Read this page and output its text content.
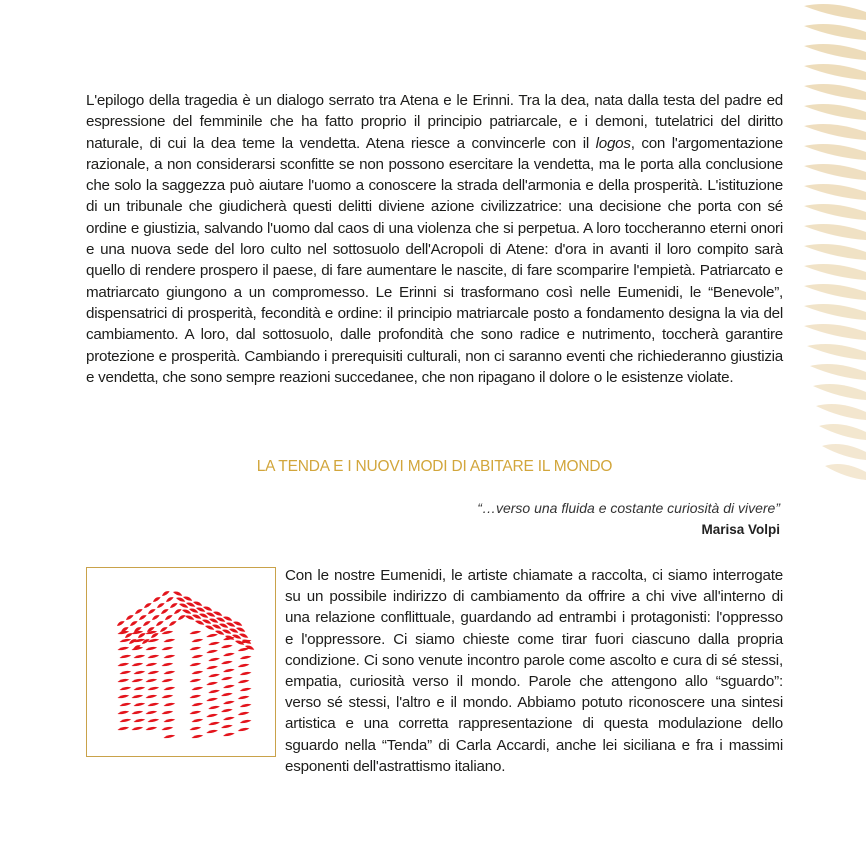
L'epilogo della tragedia è un dialogo serrato tra Atena e le Erinni. Tra la dea, nata dalla testa del padre ed espressione del femminile che ha fatto proprio il principio patriarcale, e i demoni, tutelatrici del diritto naturale, di cui la dea teme la vendetta. Atena riesce a convincerle con il logos, con l'argomentazione razionale, a non considerarsi sconfitte se non possono esercitare la vendetta, ma le porta alla conclusione che solo la saggezza può aiutare l'uomo a conoscere la strada dell'armonia e della prosperità. L'istituzione di un tribunale che giudicherà questi delitti diviene azione civilizzatrice: una decisione che porta con sé ordine e giustizia, salvando l'uomo dal caos di una violenza che si perpetua. A loro toccheranno eterni onori e una nuova sede del loro culto nel sottosuolo dell'Acropoli di Atene: d'ora in avanti il loro compito sarà quello di rendere prospero il paese, di fare aumentare le nascite, di fare scomparire l'empietà. Patriarcato e matriarcato giungono a un compromesso. Le Erinni si trasformano così nelle Eumenidi, le “Benevole”, dispensatrici di prosperità, fecondità e ordine: il principio matriarcale posto a fondamento designa la via del cambiamento. A loro, dal sottosuolo, dalle profondità che sono radice e nutrimento, toccherà garantire protezione e prosperità. Cambiando i prerequisiti culturali, non ci saranno eventi che richiederanno giustizia e vendetta, che sono sempre reazioni succedanee, che non ripagano il dolore o le esistenze violate.

LA TENDA E I NUOVI MODI DI ABITARE IL MONDO
“…verso una fluida e costante curiosità di vivere”
Marisa Volpi

Con le nostre Eumenidi, le artiste chiamate a raccolta, ci siamo interrogate su un possibile indirizzo di cambiamento da offrire a chi vive all'interno di una relazione conflittuale, guardando ad entrambi i protagonisti: l'oppresso e l'oppressore. Ci siamo chieste come tirar fuori ciascuno dalla propria condizione. Ci sono venute incontro parole come ascolto e cura di sé stessi, empatia, curiosità verso il mondo. Parole che attengono allo “sguardo”: verso sé stessi, l'altro e il mondo. Abbiamo potuto riconoscere una sintesi artistica e una corretta rappresentazione di questa modulazione dello sguardo nella “Tenda” di Carla Accardi, anche lei siciliana e fra i massimi esponenti dell'astrattismo italiano.
